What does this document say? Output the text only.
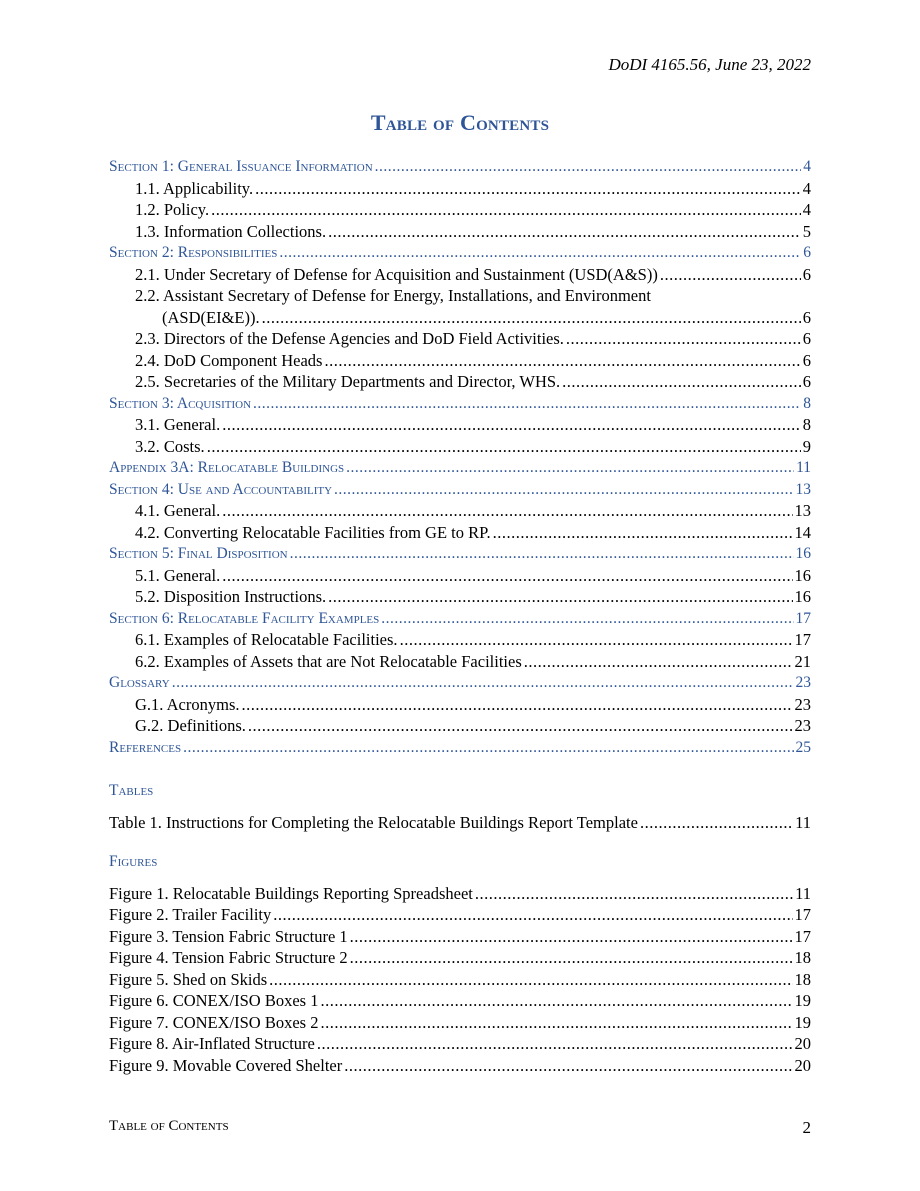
DoDI 4165.56, June 23, 2022
Table of Contents
Section 1: General Issuance Information .....	4
1.1. Applicability. .....	4
1.2. Policy. .....	4
1.3. Information Collections. .....	5
Section 2: Responsibilities .....	6
2.1. Under Secretary of Defense for Acquisition and Sustainment (USD(A&S)) .....	6
2.2. Assistant Secretary of Defense for Energy, Installations, and Environment
(ASD(EI&E)). .....	6
2.3. Directors of the Defense Agencies and DoD Field Activities. .....	6
2.4. DoD Component Heads .....	6
2.5. Secretaries of the Military Departments and Director, WHS. .....	6
Section 3: Acquisition .....	8
3.1. General. .....	8
3.2. Costs. .....	9
Appendix 3A: Relocatable Buildings .....	11
Section 4: Use and Accountability .....	13
4.1. General. .....	13
4.2. Converting Relocatable Facilities from GE to RP. .....	14
Section 5: Final Disposition .....	16
5.1. General. .....	16
5.2. Disposition Instructions. .....	16
Section 6: Relocatable Facility Examples .....	17
6.1. Examples of Relocatable Facilities. .....	17
6.2. Examples of Assets that are Not Relocatable Facilities .....	21
Glossary .....	23
G.1. Acronyms. .....	23
G.2. Definitions. .....	23
References .....	25
Tables
Table 1. Instructions for Completing the Relocatable Buildings Report Template .....	11
Figures
Figure 1. Relocatable Buildings Reporting Spreadsheet .....	11
Figure 2. Trailer Facility .....	17
Figure 3. Tension Fabric Structure 1 .....	17
Figure 4. Tension Fabric Structure 2 .....	18
Figure 5. Shed on Skids .....	18
Figure 6. CONEX/ISO Boxes 1 .....	19
Figure 7. CONEX/ISO Boxes 2 .....	19
Figure 8. Air-Inflated Structure .....	20
Figure 9. Movable Covered Shelter .....	20
Table of Contents	2
